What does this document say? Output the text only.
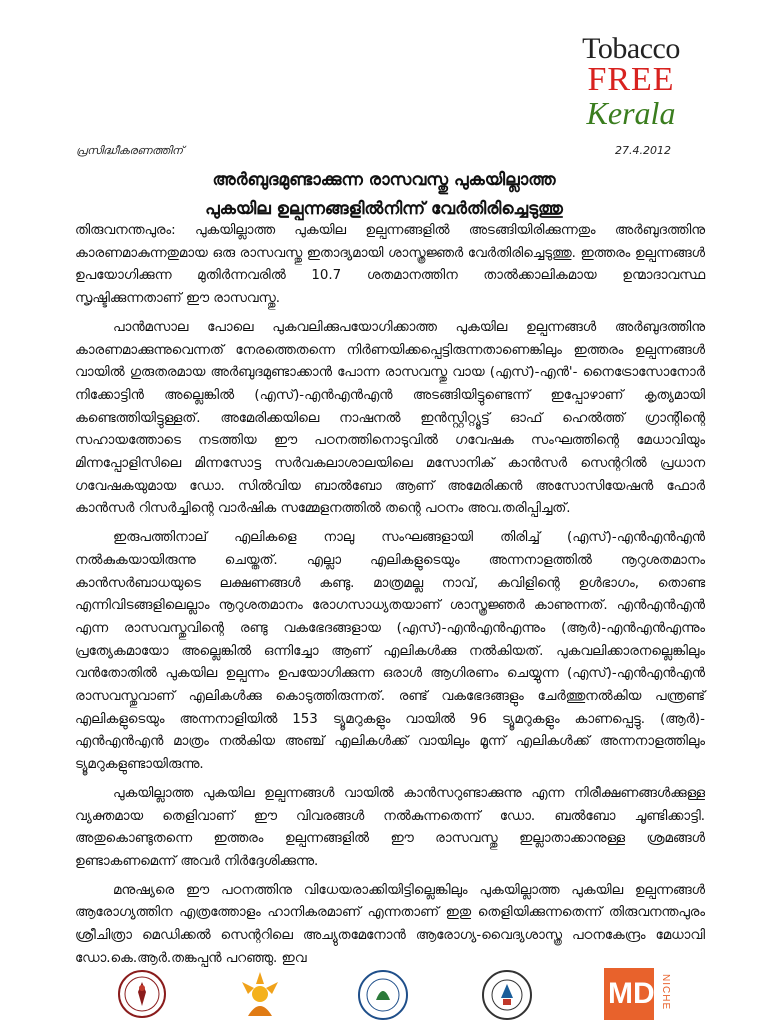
Tobacco
FREE
Kerala
പ്രസിദ്ധീകരണത്തിന്	27.4.2012
അർബുദമുണ്ടാക്കുന്ന രാസവസ്തു പുകയില്ലാത്ത
പുകയില ഉല്പന്നങ്ങളിൽനിന്ന് വേർതിരിച്ചെടുത്തു

തിരുവനന്തപുരം: പുകയില്ലാത്ത പുകയില ഉല്പന്നങ്ങളിൽ അടങ്ങിയിരിക്കുന്നതും അർബുദത്തിനു കാരണമാകുന്നതുമായ ഒരു രാസവസ്തു ഇതാദ്യമായി ശാസ്ത്രജ്ഞർ വേർതിരിച്ചെടുത്തു. ഇത്തരം ഉല്പന്നങ്ങൾ ഉപയോഗിക്കുന്ന മുതിർന്നവരിൽ 10.7 ശതമാനത്തിന താൽക്കാലികമായ ഉന്മാദാവസ്ഥ സൃഷ്ടിക്കുന്നതാണ് ഈ രാസവസ്തു.

പാൻമസാല പോലെ പുകവലിക്കുപയോഗിക്കാത്ത പുകയില ഉല്പന്നങ്ങൾ അർബുദത്തിനു കാരണമാക്കുന്നുവെന്നത് നേരത്തെതന്നെ നിർണയിക്കപ്പെട്ടിരുന്നതാണെങ്കിലും ഇത്തരം ഉല്പന്നങ്ങൾ വായിൽ ഗുരുതരമായ അർബുദമുണ്ടാക്കാൻ പോന്ന രാസവസ്തു വായ (എസ്)-എൻ'- നൈട്രോസോനോർ നിക്കോട്ടിൻ അല്ലെങ്കിൽ (എസ്)-എൻഎൻഎൻ അടങ്ങിയിട്ടുണ്ടെന്ന് ഇപ്പോഴാണ് കൃത്യമായി കണ്ടെത്തിയിട്ടുള്ളത്. അമേരിക്കയിലെ നാഷനൽ ഇൻസ്റ്റിറ്റ്യൂട്ട് ഓഫ് ഹെൽത്ത് ഗ്രാന്റിന്റെ സഹായത്തോടെ നടത്തിയ ഈ പഠനത്തിനൊടുവിൽ ഗവേഷക സംഘത്തിന്റെ മേധാവിയും മിന്നപ്പോളിസിലെ മിന്നസോട്ട സർവകലാശാലയിലെ മസോനിക് കാൻസർ സെന്ററിൽ പ്രധാന ഗവേഷകയുമായ ഡോ. സിൽവിയ ബാൽബോ ആണ് അമേരിക്കൻ അസോസിയേഷൻ ഫോർ കാൻസർ റിസർച്ചിന്റെ വാർഷിക സമ്മേളനത്തിൽ തന്റെ പഠനം അവ.തരിപ്പിച്ചത്.

ഇരുപത്തിനാല് എലികളെ നാലു സംഘങ്ങളായി തിരിച്ച് (എസ്)-എൻഎൻഎൻ നൽകുകയായിരുന്നു ചെയ്തത്. എല്ലാ എലികളുടെയും അന്നനാളത്തിൽ നൂറുശതമാനം കാൻസർബാധയുടെ ലക്ഷണങ്ങൾ കണ്ടു. മാത്രമല്ല നാവ്, കവിളിന്റെ ഉൾഭാഗം, തൊണ്ട എന്നിവിടങ്ങളിലെല്ലാം നൂറുശതമാനം രോഗസാധ്യതയാണ് ശാസ്ത്രജ്ഞർ കാണുന്നത്. എൻഎൻഎൻ എന്ന രാസവസ്തുവിന്റെ രണ്ടു വകഭേദങ്ങളായ (എസ്)-എൻഎൻഎന്നും (ആർ)-എൻഎൻഎന്നും പ്രത്യേകമായോ അല്ലെങ്കിൽ ഒന്നിച്ചോ ആണ് എലികൾക്കു നൽകിയത്. പുകവലിക്കാരനല്ലെങ്കിലും വൻതോതിൽ പുകയില ഉല്പന്നം ഉപയോഗിക്കുന്ന ഒരാൾ ആഗിരണം ചെയ്യുന്ന (എസ്)-എൻഎൻഎൻ രാസവസ്തുവാണ് എലികൾക്കു കൊടുത്തിരുന്നത്. രണ്ട് വകഭേദങ്ങളും ചേർത്തുനൽകിയ പന്ത്രണ്ട് എലികളുടെയും അന്നനാളിയിൽ 153 ട്യൂമറുകളും വായിൽ 96 ട്യൂമറുകളും കാണപ്പെട്ടു. (ആർ)-എൻഎൻഎൻ മാത്രം നൽകിയ അഞ്ച് എലികൾക്ക് വായിലും മൂന്ന് എലികൾക്ക് അന്നനാളത്തിലും ട്യൂമറുകളുണ്ടായിരുന്നു.

പുകയില്ലാത്ത പുകയില ഉല്പന്നങ്ങൾ വായിൽ കാൻസറുണ്ടാക്കുന്നു എന്ന നിരീക്ഷണങ്ങൾക്കുള്ള വ്യക്തമായ തെളിവാണ് ഈ വിവരങ്ങൾ നൽകുന്നതെന്ന് ഡോ. ബൽബോ ചൂണ്ടിക്കാട്ടി. അതുകൊണ്ടുതന്നെ ഇത്തരം ഉല്പന്നങ്ങളിൽ ഈ രാസവസ്തു ഇല്ലാതാക്കാനുള്ള ശ്രമങ്ങൾ ഉണ്ടാകണമെന്ന് അവർ നിർദ്ദേശിക്കുന്നു.

മനുഷ്യരെ ഈ പഠനത്തിനു വിധേയരാക്കിയിട്ടില്ലെങ്കിലും പുകയില്ലാത്ത പുകയില ഉല്പന്നങ്ങൾ ആരോഗ്യത്തിന എത്രത്തോളം ഹാനികരമാണ് എന്നതാണ് ഇതു തെളിയിക്കുന്നതെന്ന് തിരുവനന്തപുരം ശ്രീചിത്രാ മെഡിക്കൽ സെന്ററിലെ അച്യുതമേനോൻ ആരോഗ്യ-വൈദ്യശാസ്ത്ര പഠനകേന്ദ്രം മേധാവി ഡോ.കെ.ആർ.തങ്കപ്പൻ പറഞ്ഞു. ഇവ

MD NICHE
